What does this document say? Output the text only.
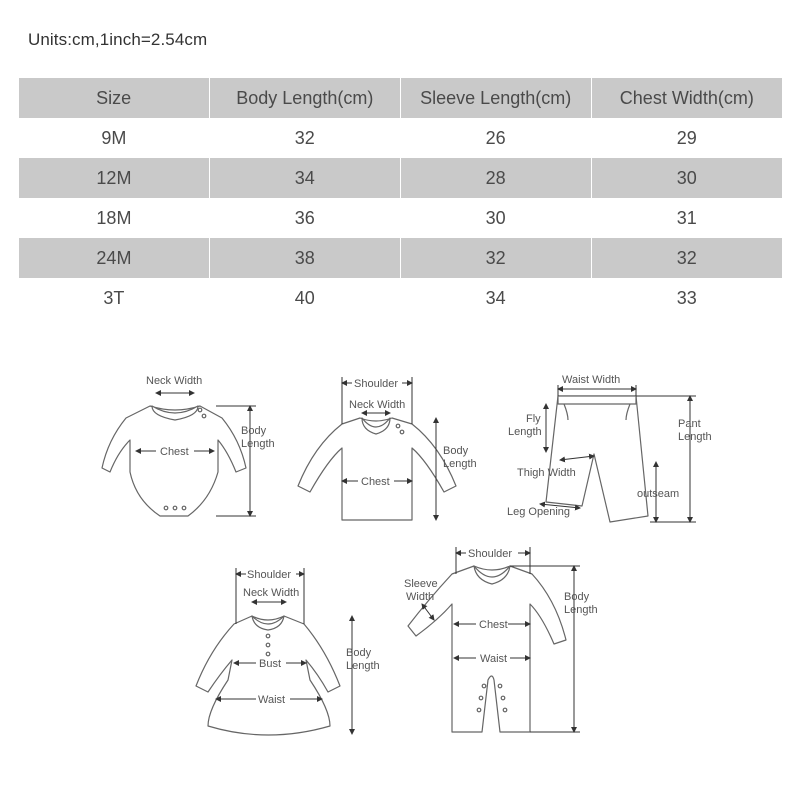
Units:cm,1inch=2.54cm
Size	Body Length(cm)	Sleeve Length(cm)	Chest Width(cm)
9M	32	26	29
12M	34	28	30
18M	36	30	31
24M	38	32	32
3T	40	34	33
Neck Width
Chest
Body
Length
Shoulder
Neck Width
Chest
Body
Length
Waist Width
Fly
Length
Pant
Length
Thigh Width
outseam
Leg Opening
Shoulder
Neck Width
Bust
Waist
Body
Length
Shoulder
Sleeve
Width
Chest
Waist
Body
Length
